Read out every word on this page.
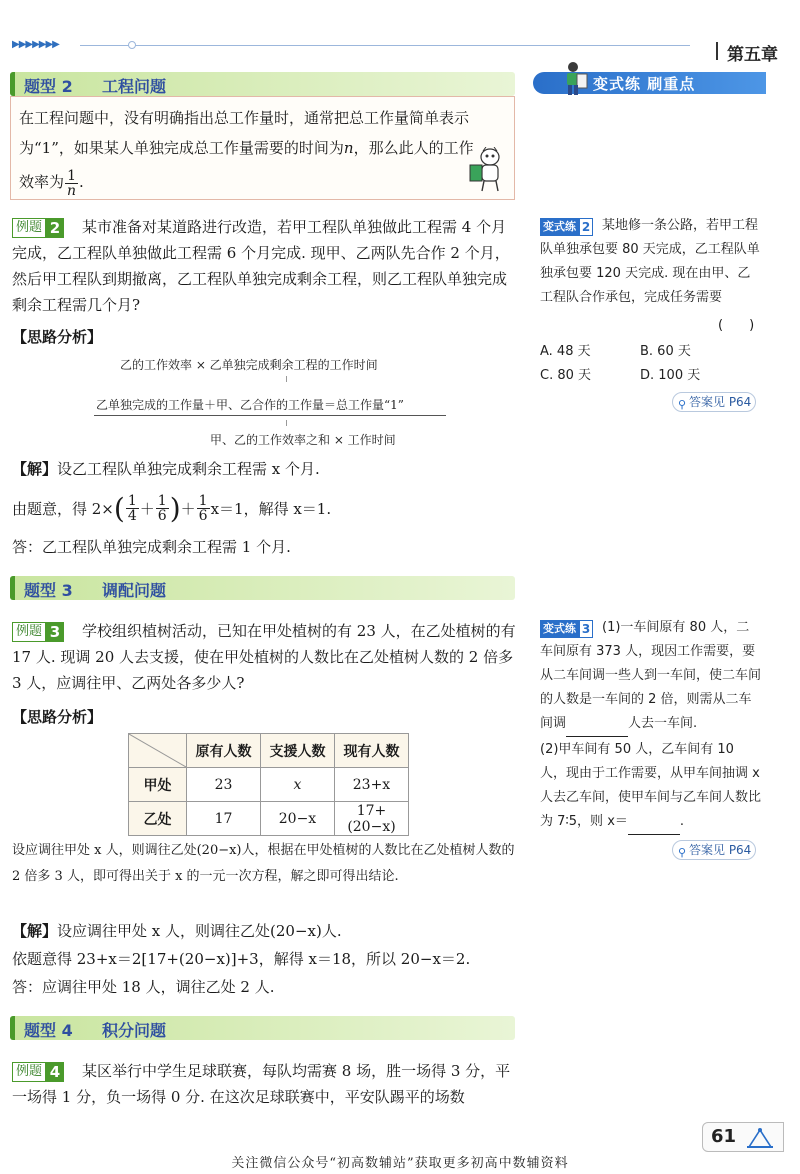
▶▶▶▶▶▶▶
第五章
题型 2 工程问题	变式练 刷重点
在工程问题中，没有明确指出总工作量时，通常把总工作量简单表示
为“1”，如果某人单独完成总工作量需要的时间为n，那么此人的工作
效率为 $\frac{1}{n}$ .
例题 2	某市准备对某道路进行改造，若甲工程队单独做此工程需 4 个月完成，乙工程队单独做此工程需 6 个月完成. 现甲、乙两队先合作 2 个月，然后甲工程队到期撤离，乙工程队单独完成剩余工程，则乙工程队单独完成剩余工程需几个月?
【思路分析】
乙的工作效率 × 乙单独完成剩余工程的工作时间
乙单独完成的工作量＋甲、乙合作的工作量＝总工作量“1”
甲、乙的工作效率之和 × 工作时间
【解】设乙工程队单独完成剩余工程需 x 个月.
由题意，得 2× ( $\frac{1}{4} + \frac{1}{6}$ ) ＋ $\frac{1}{6} x=1$，解得 x＝1.
答：乙工程队单独完成剩余工程需 1 个月.
变式练 2 某地修一条公路，若甲工程队单独承包要 80 天完成，乙工程队单独承包要 120 天完成. 现在由甲、乙工程队合作承包，完成任务需要
(　　)
A. 48 天	B. 60 天
C. 80 天	D. 100 天
⚲ 答案见 P64
题型 3 调配问题
例题 3	学校组织植树活动，已知在甲处植树的有 23 人，在乙处植树的有 17 人. 现调 20 人去支援，使在甲处植树的人数比在乙处植树人数的 2 倍多 3 人，应调往甲、乙两处各多少人?
【思路分析】
	原有人数	支援人数	现有人数
甲处	23	x	23+x
乙处	17	20−x	17+(20−x)
设应调往甲处 x 人，则调往乙处(20−x)人，根据在甲处植树的人数比在乙处植树人数的 2 倍多 3 人，即可得出关于 x 的一元一次方程，解之即可得出结论.
【解】设应调往甲处 x 人，则调往乙处(20−x)人.
依题意得 23+x＝2[17+(20−x)]+3，解得 x＝18，所以 20−x＝2.
答：应调往甲处 18 人，调往乙处 2 人.
变式练 3 (1)一车间原有 80 人，二车间原有 373 人，现因工作需要，要从二车间调一些人到一车间，使二车间的人数是一车间的 2 倍，则需从二车间调	人去一车间.
(2)甲车间有 50 人，乙车间有 10 人，现由于工作需要，从甲车间抽调 x 人去乙车间，使甲车间与乙车间人数比为 7∶5，则 x＝	.
⚲ 答案见 P64
题型 4 积分问题
例题 4	某区举行中学生足球联赛，每队均需赛 8 场，胜一场得 3 分，平一场得 1 分，负一场得 0 分. 在这次足球联赛中，平安队踢平的场数
61
关注微信公众号“初高数辅站”获取更多初高中数辅资料
